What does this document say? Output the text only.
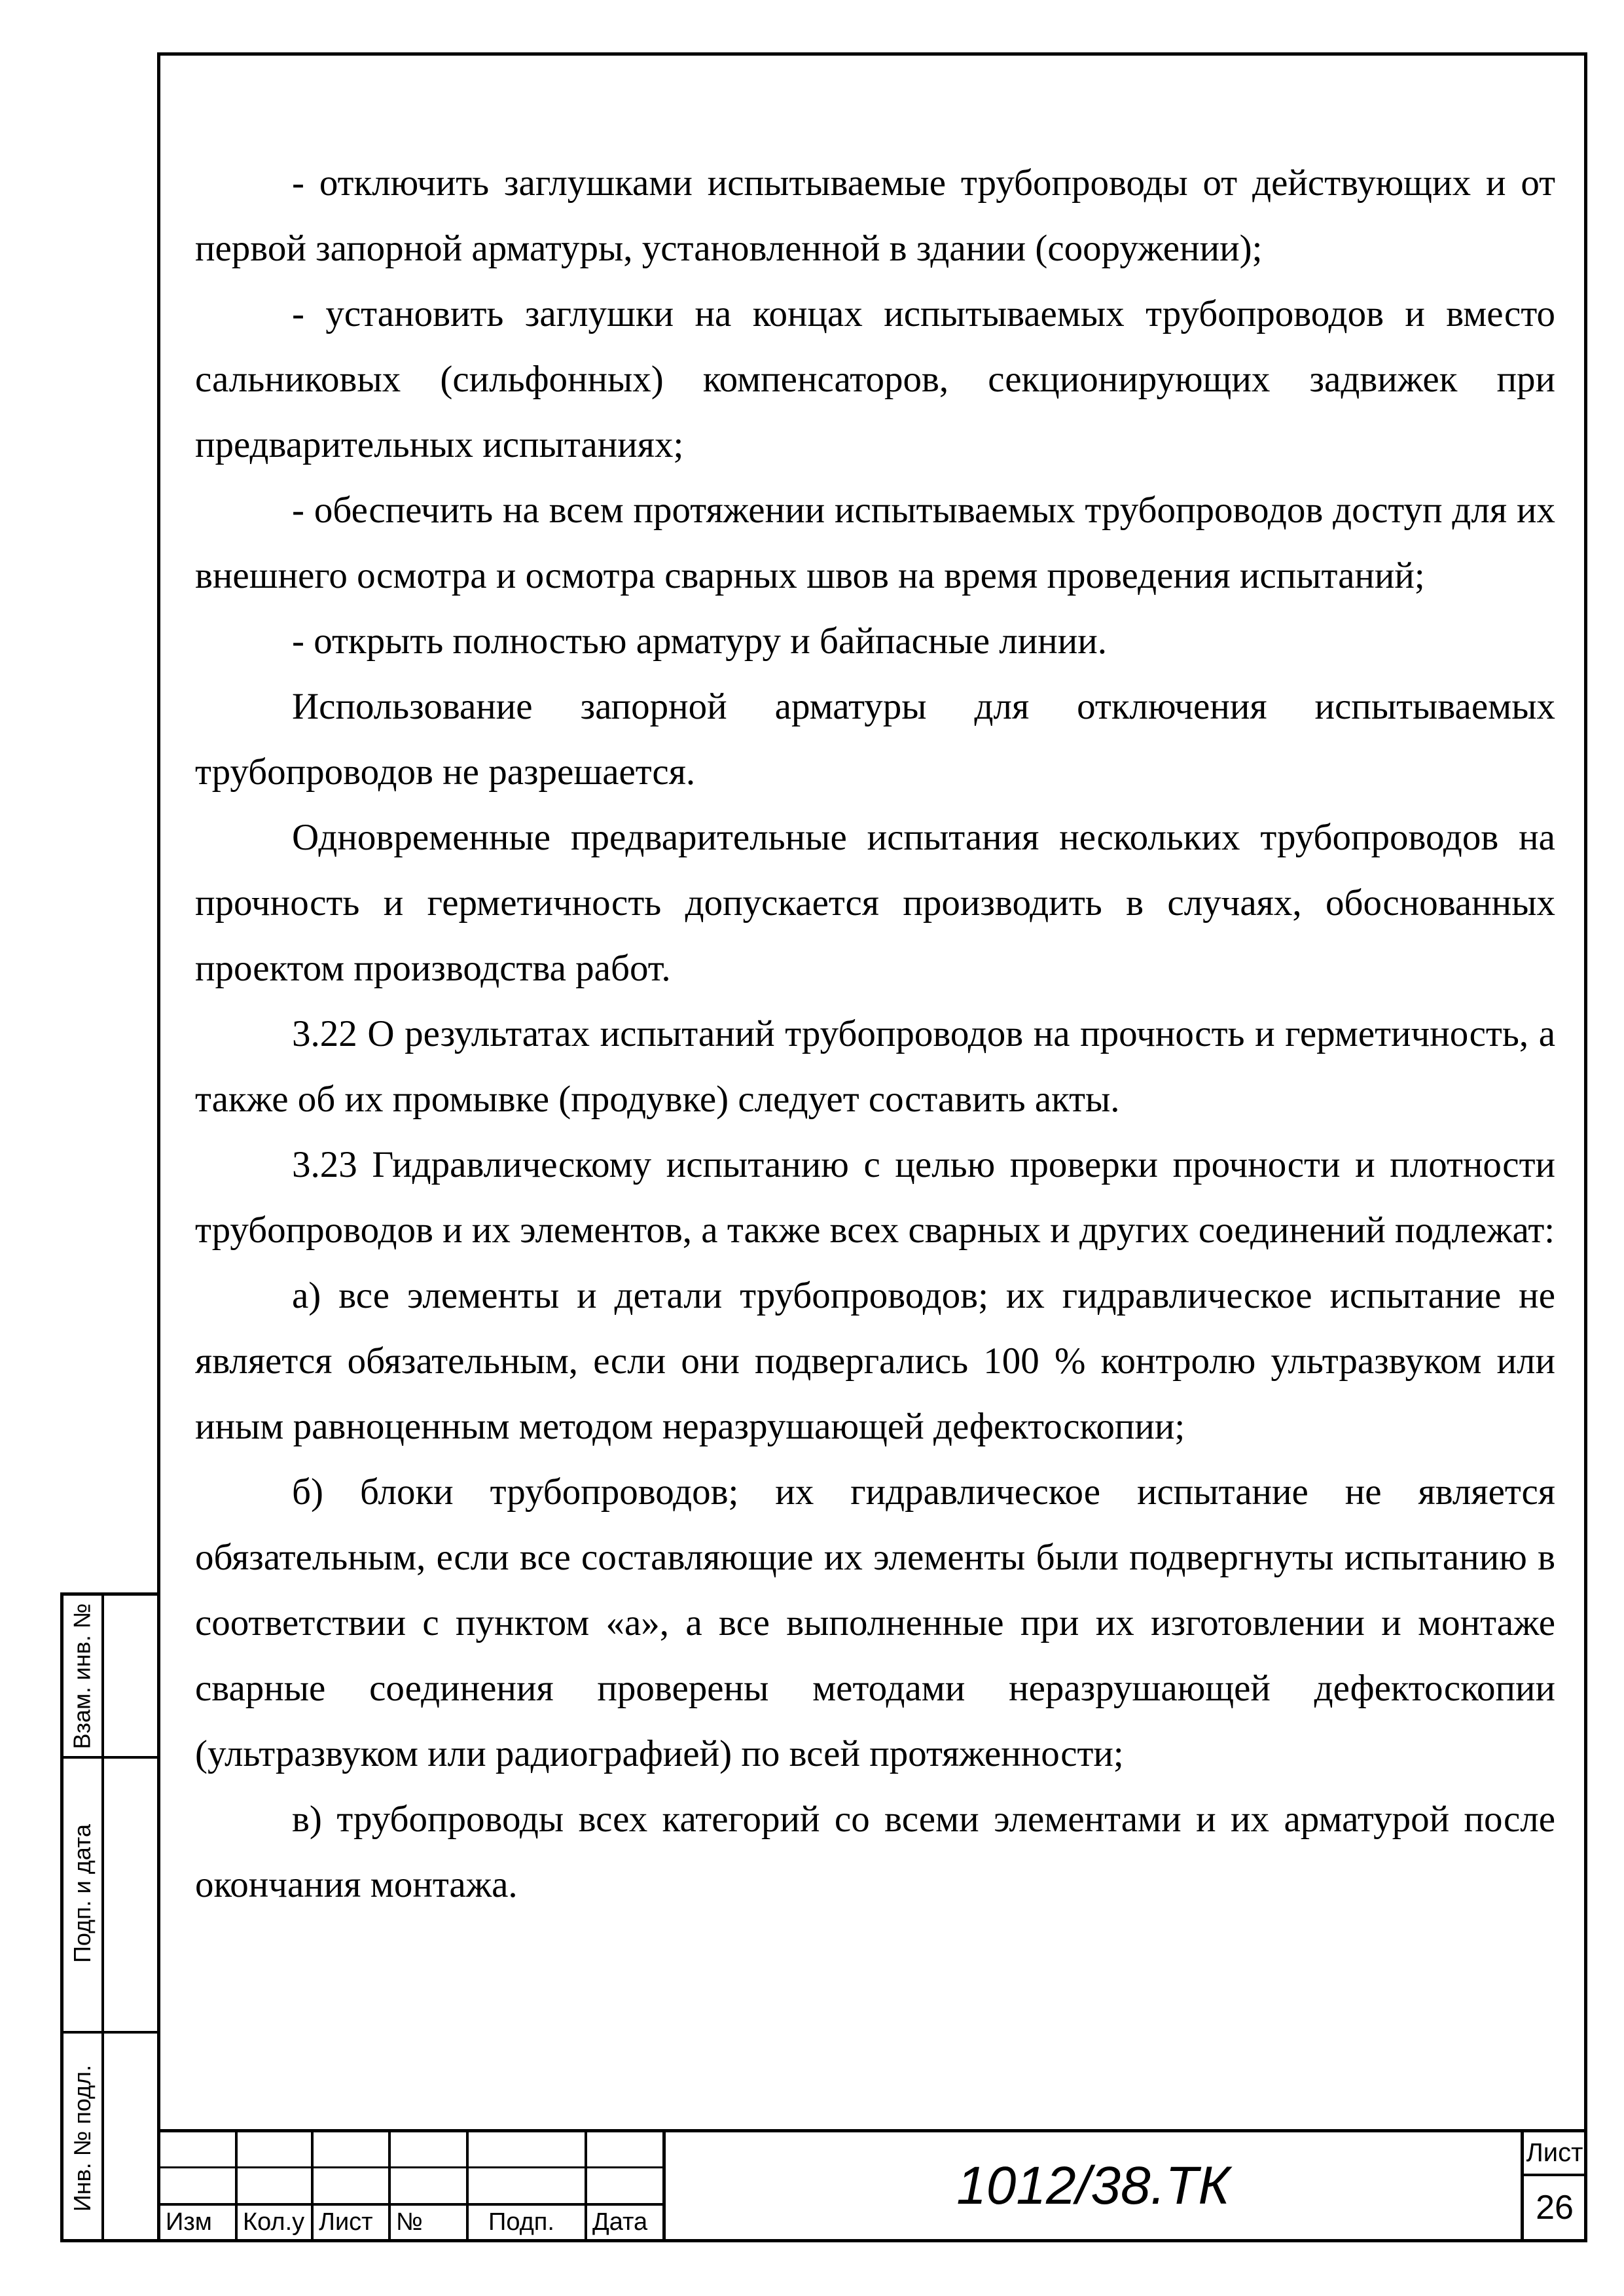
- отключить заглушками испытываемые трубопроводы от действующих и от первой запорной арматуры, установленной в здании (сооружении);

- установить заглушки на концах испытываемых трубопроводов и вместо сальниковых (сильфонных) компенсаторов, секционирующих задвижек при предварительных испытаниях;

- обеспечить на всем протяжении испытываемых трубопроводов доступ для их внешнего осмотра и осмотра сварных швов на время проведения испытаний;

- открыть полностью арматуру и байпасные линии.

Использование запорной арматуры для отключения испытываемых трубопроводов не разрешается.

Одновременные предварительные испытания нескольких трубопроводов на прочность и герметичность допускается производить в случаях, обоснованных проектом производства работ.

3.22 О результатах испытаний трубопроводов на прочность и герметичность, а также об их промывке (продувке) следует составить акты.

3.23 Гидравлическому испытанию с целью проверки прочности и плотности трубопроводов и их элементов, а также всех сварных и других соединений подлежат:

а) все элементы и детали трубопроводов; их гидравлическое испытание не является обязательным, если они подвергались 100 % контролю ультразвуком или иным равноценным методом неразрушающей дефектоскопии;

б) блоки трубопроводов; их гидравлическое испытание не является обязательным, если все составляющие их элементы были подвергнуты испытанию в соответствии с пунктом «а», а все выполненные при их изготовлении и монтаже сварные соединения проверены методами неразрушающей дефектоскопии (ультразвуком или радиографией) по всей протяженности;

в) трубопроводы всех категорий со всеми элементами и их арматурой после окончания монтажа.

Взам. инв. №
Подп. и дата
Инв. № подл.
Изм	Кол.у Лист №	Подп.	Дата
1012/38.ТК
Лист
26
